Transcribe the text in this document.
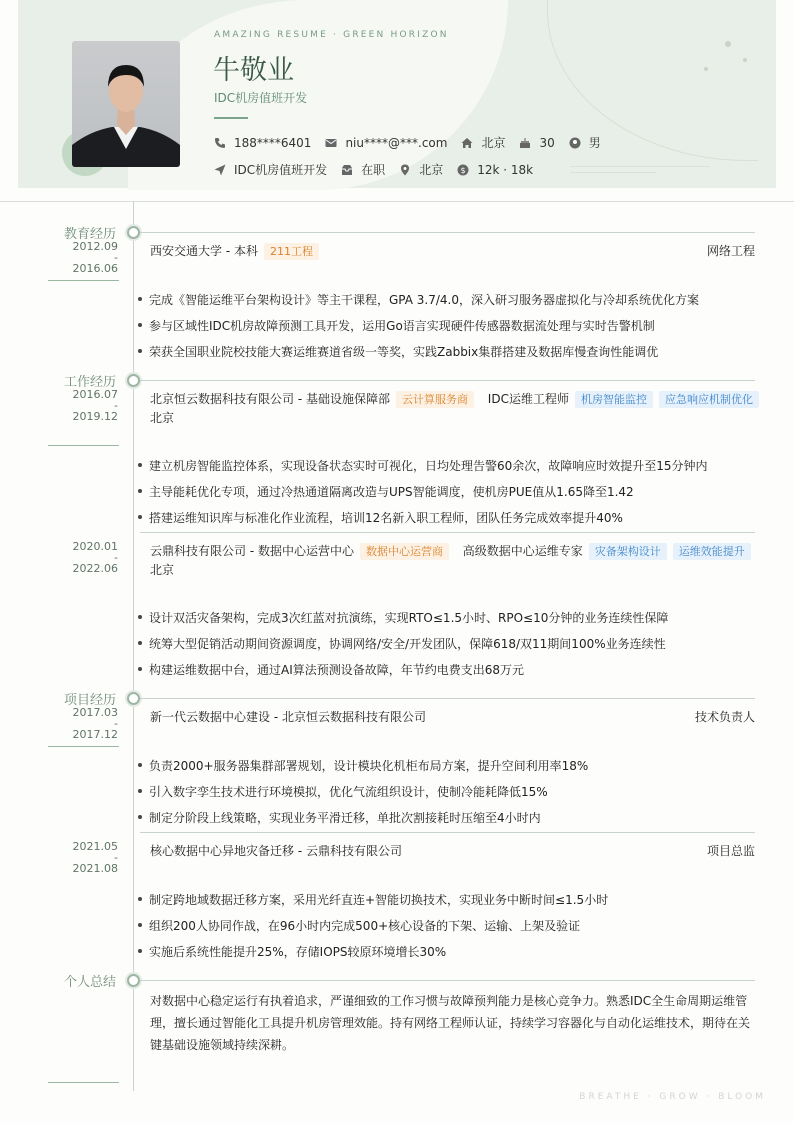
AMAZING RESUME · GREEN HORIZON
牛敬业
IDC机房值班开发
188****6401	niu****@***.com	北京	30	男
IDC机房值班开发	在职	北京 $ 12k · 18k
教育经历
2012.09
-
2016.06
西安交通大学 - 本科 211工程	网络工程
完成《智能运维平台架构设计》等主干课程，GPA 3.7/4.0，深入研习服务器虚拟化与冷却系统优化方案
参与区域性IDC机房故障预测工具开发，运用Go语言实现硬件传感器数据流处理与实时告警机制
荣获全国职业院校技能大赛运维赛道省级一等奖，实践Zabbix集群搭建及数据库慢查询性能调优
工作经历
2016.07
-
2019.12
北京恒云数据科技有限公司 - 基础设施保障部 云计算服务商 IDC运维工程师 机房智能监控 应急响应机制优化
北京
建立机房智能监控体系，实现设备状态实时可视化，日均处理告警60余次，故障响应时效提升至15分钟内
主导能耗优化专项，通过冷热通道隔离改造与UPS智能调度，使机房PUE值从1.65降至1.42
搭建运维知识库与标准化作业流程，培训12名新入职工程师，团队任务完成效率提升40%
2020.01
-
2022.06
云鼎科技有限公司 - 数据中心运营中心 数据中心运营商 高级数据中心运维专家 灾备架构设计 运维效能提升
北京
设计双活灾备架构，完成3次红蓝对抗演练，实现RTO≤1.5小时、RPO≤10分钟的业务连续性保障
统筹大型促销活动期间资源调度，协调网络/安全/开发团队，保障618/双11期间100%业务连续性
构建运维数据中台，通过AI算法预测设备故障，年节约电费支出68万元
项目经历
2017.03
-
2017.12
新一代云数据中心建设 - 北京恒云数据科技有限公司	技术负责人
负责2000+服务器集群部署规划，设计模块化机柜布局方案，提升空间利用率18%
引入数字孪生技术进行环境模拟，优化气流组织设计，使制冷能耗降低15%
制定分阶段上线策略，实现业务平滑迁移，单批次割接耗时压缩至4小时内
2021.05
-
2021.08
核心数据中心异地灾备迁移 - 云鼎科技有限公司	项目总监
制定跨地域数据迁移方案，采用光纤直连+智能切换技术，实现业务中断时间≤1.5小时
组织200人协同作战，在96小时内完成500+核心设备的下架、运输、上架及验证
实施后系统性能提升25%，存储IOPS较原环境增长30%
个人总结
对数据中心稳定运行有执着追求，严谨细致的工作习惯与故障预判能力是核心竞争力。熟悉IDC全生命周期运维管理，擅长通过智能化工具提升机房管理效能。持有网络工程师认证，持续学习容器化与自动化运维技术，期待在关键基础设施领域持续深耕。
BREATHE · GROW · BLOOM
